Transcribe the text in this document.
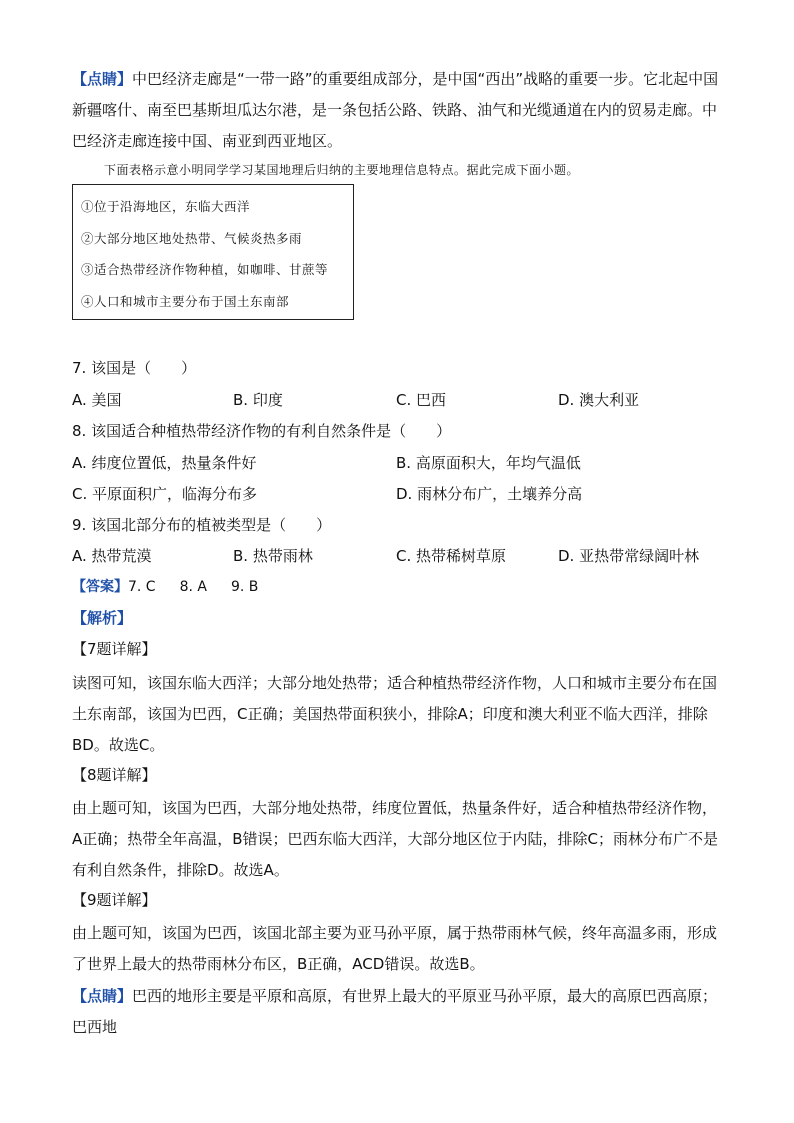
【点睛】中巴经济走廊是“一带一路”的重要组成部分，是中国“西出”战略的重要一步。它北起中国新疆喀什、南至巴基斯坦瓜达尔港，是一条包括公路、铁路、油气和光缆通道在内的贸易走廊。中巴经济走廊连接中国、南亚到西亚地区。

下面表格示意小明同学学习某国地理后归纳的主要地理信息特点。据此完成下面小题。
①位于沿海地区，东临大西洋
②大部分地区地处热带、气候炎热多雨
③适合热带经济作物种植，如咖啡、甘蔗等
④人口和城市主要分布于国土东南部
7. 该国是（　　）
A. 美国	B. 印度	C. 巴西	D. 澳大利亚
8. 该国适合种植热带经济作物的有利自然条件是（　　）
A. 纬度位置低，热量条件好	B. 高原面积大，年均气温低
C. 平原面积广，临海分布多	D. 雨林分布广，土壤养分高
9. 该国北部分布的植被类型是（　　）
A. 热带荒漠	B. 热带雨林	C. 热带稀树草原	D. 亚热带常绿阔叶林
【答案】7. C 8. A 9. B
【解析】
【7题详解】

读图可知，该国东临大西洋；大部分地处热带；适合种植热带经济作物，人口和城市主要分布在国土东南部，该国为巴西，C正确；美国热带面积狭小，排除A；印度和澳大利亚不临大西洋，排除BD。故选C。

【8题详解】

由上题可知，该国为巴西，大部分地处热带，纬度位置低，热量条件好，适合种植热带经济作物，A正确；热带全年高温，B错误；巴西东临大西洋，大部分地区位于内陆，排除C；雨林分布广不是有利自然条件，排除D。故选A。

【9题详解】

由上题可知，该国为巴西，该国北部主要为亚马孙平原，属于热带雨林气候，终年高温多雨，形成了世界上最大的热带雨林分布区，B正确，ACD错误。故选B。

【点睛】巴西的地形主要是平原和高原，有世界上最大的平原亚马孙平原，最大的高原巴西高原；巴西地
